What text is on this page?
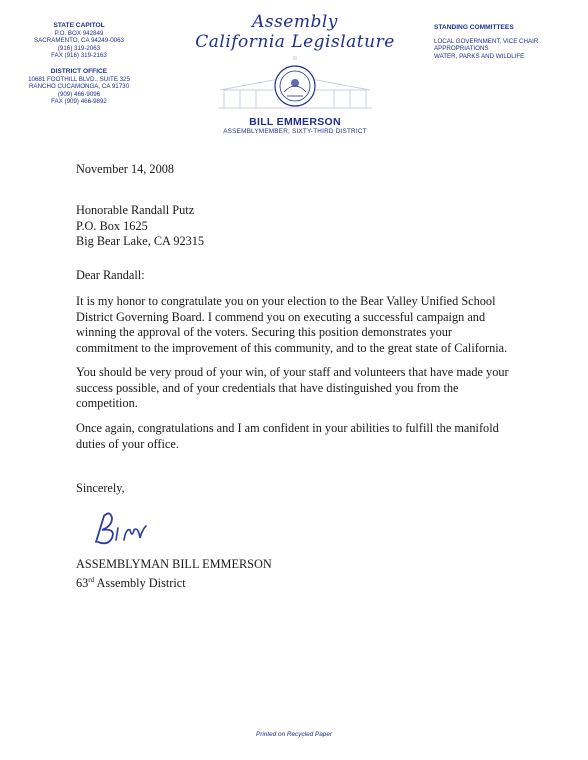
STATE CAPITOL
P.O. BOX 942849
SACRAMENTO, CA 94249-0063
(916) 319-2063
FAX (916) 319-2163
DISTRICT OFFICE
10681 FOOTHILL BLVD., SUITE 325
RANCHO CUCAMONGA, CA 91730
(909) 466-9096
FAX (909) 466-9892
Assembly
California Legislature
BILL EMMERSON
ASSEMBLYMEMBER, SIXTY-THIRD DISTRICT
STANDING COMMITTEES
LOCAL GOVERNMENT, VICE CHAIR
APPROPRIATIONS
WATER, PARKS AND WILDLIFE
November 14, 2008
Honorable Randall Putz
P.O. Box 1625
Big Bear Lake, CA 92315
Dear Randall:
It is my honor to congratulate you on your election to the Bear Valley Unified School District Governing Board. I commend you on executing a successful campaign and winning the approval of the voters. Securing this position demonstrates your commitment to the improvement of this community, and to the great state of California.
You should be very proud of your win, of your staff and volunteers that have made your success possible, and of your credentials that have distinguished you from the competition.
Once again, congratulations and I am confident in your abilities to fulfill the manifold duties of your office.
Sincerely,
ASSEMBLYMAN BILL EMMERSON
63rd Assembly District
Printed on Recycled Paper
